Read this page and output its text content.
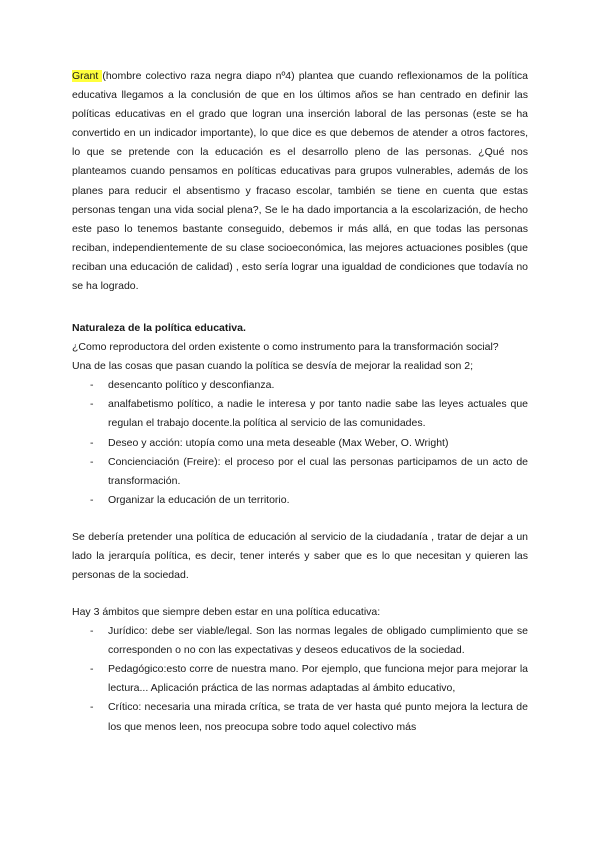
Grant (hombre colectivo raza negra diapo nº4) plantea que cuando reflexionamos de la política educativa llegamos a la conclusión de que en los últimos años se han centrado en definir las políticas educativas en el grado que logran una inserción laboral de las personas (este se ha convertido en un indicador importante), lo que dice es que debemos de atender a otros factores, lo que se pretende con la educación es el desarrollo pleno de las personas. ¿Qué nos planteamos cuando pensamos en políticas educativas para grupos vulnerables, además de los planes para reducir el absentismo y fracaso escolar, también se tiene en cuenta que estas personas tengan una vida social plena?, Se le ha dado importancia a la escolarización, de hecho este paso lo tenemos bastante conseguido, debemos ir más allá, en que todas las personas reciban, independientemente de su clase socioeconómica, las mejores actuaciones posibles (que reciban una educación de calidad) , esto sería lograr una igualdad de condiciones que todavía no se ha logrado.

Naturaleza de la política educativa.

¿Como reproductora del orden existente o como instrumento para la transformación social?

Una de las cosas que pasan cuando la política se desvía de mejorar la realidad son 2;

- desencanto político y desconfianza.
- analfabetismo político, a nadie le interesa y por tanto nadie sabe las leyes actuales que regulan el trabajo docente.la política al servicio de las comunidades.
- Deseo y acción: utopía como una meta deseable (Max Weber, O. Wright)
- Concienciación (Freire): el proceso por el cual las personas participamos de un acto de transformación.
- Organizar la educación de un territorio.

Se debería pretender una política de educación al servicio de la ciudadanía , tratar de dejar a un lado la jerarquía política, es decir, tener interés y saber que es lo que necesitan y quieren las personas de la sociedad.

Hay 3 ámbitos que siempre deben estar en una política educativa:

- Jurídico: debe ser viable/legal. Son las normas legales de obligado cumplimiento que se corresponden o no con las expectativas y deseos educativos de la sociedad.
- Pedagógico:esto corre de nuestra mano. Por ejemplo, que funciona mejor para mejorar la lectura... Aplicación práctica de las normas adaptadas al ámbito educativo,
- Crítico: necesaria una mirada crítica, se trata de ver hasta qué punto mejora la lectura de los que menos leen, nos preocupa sobre todo aquel colectivo más
